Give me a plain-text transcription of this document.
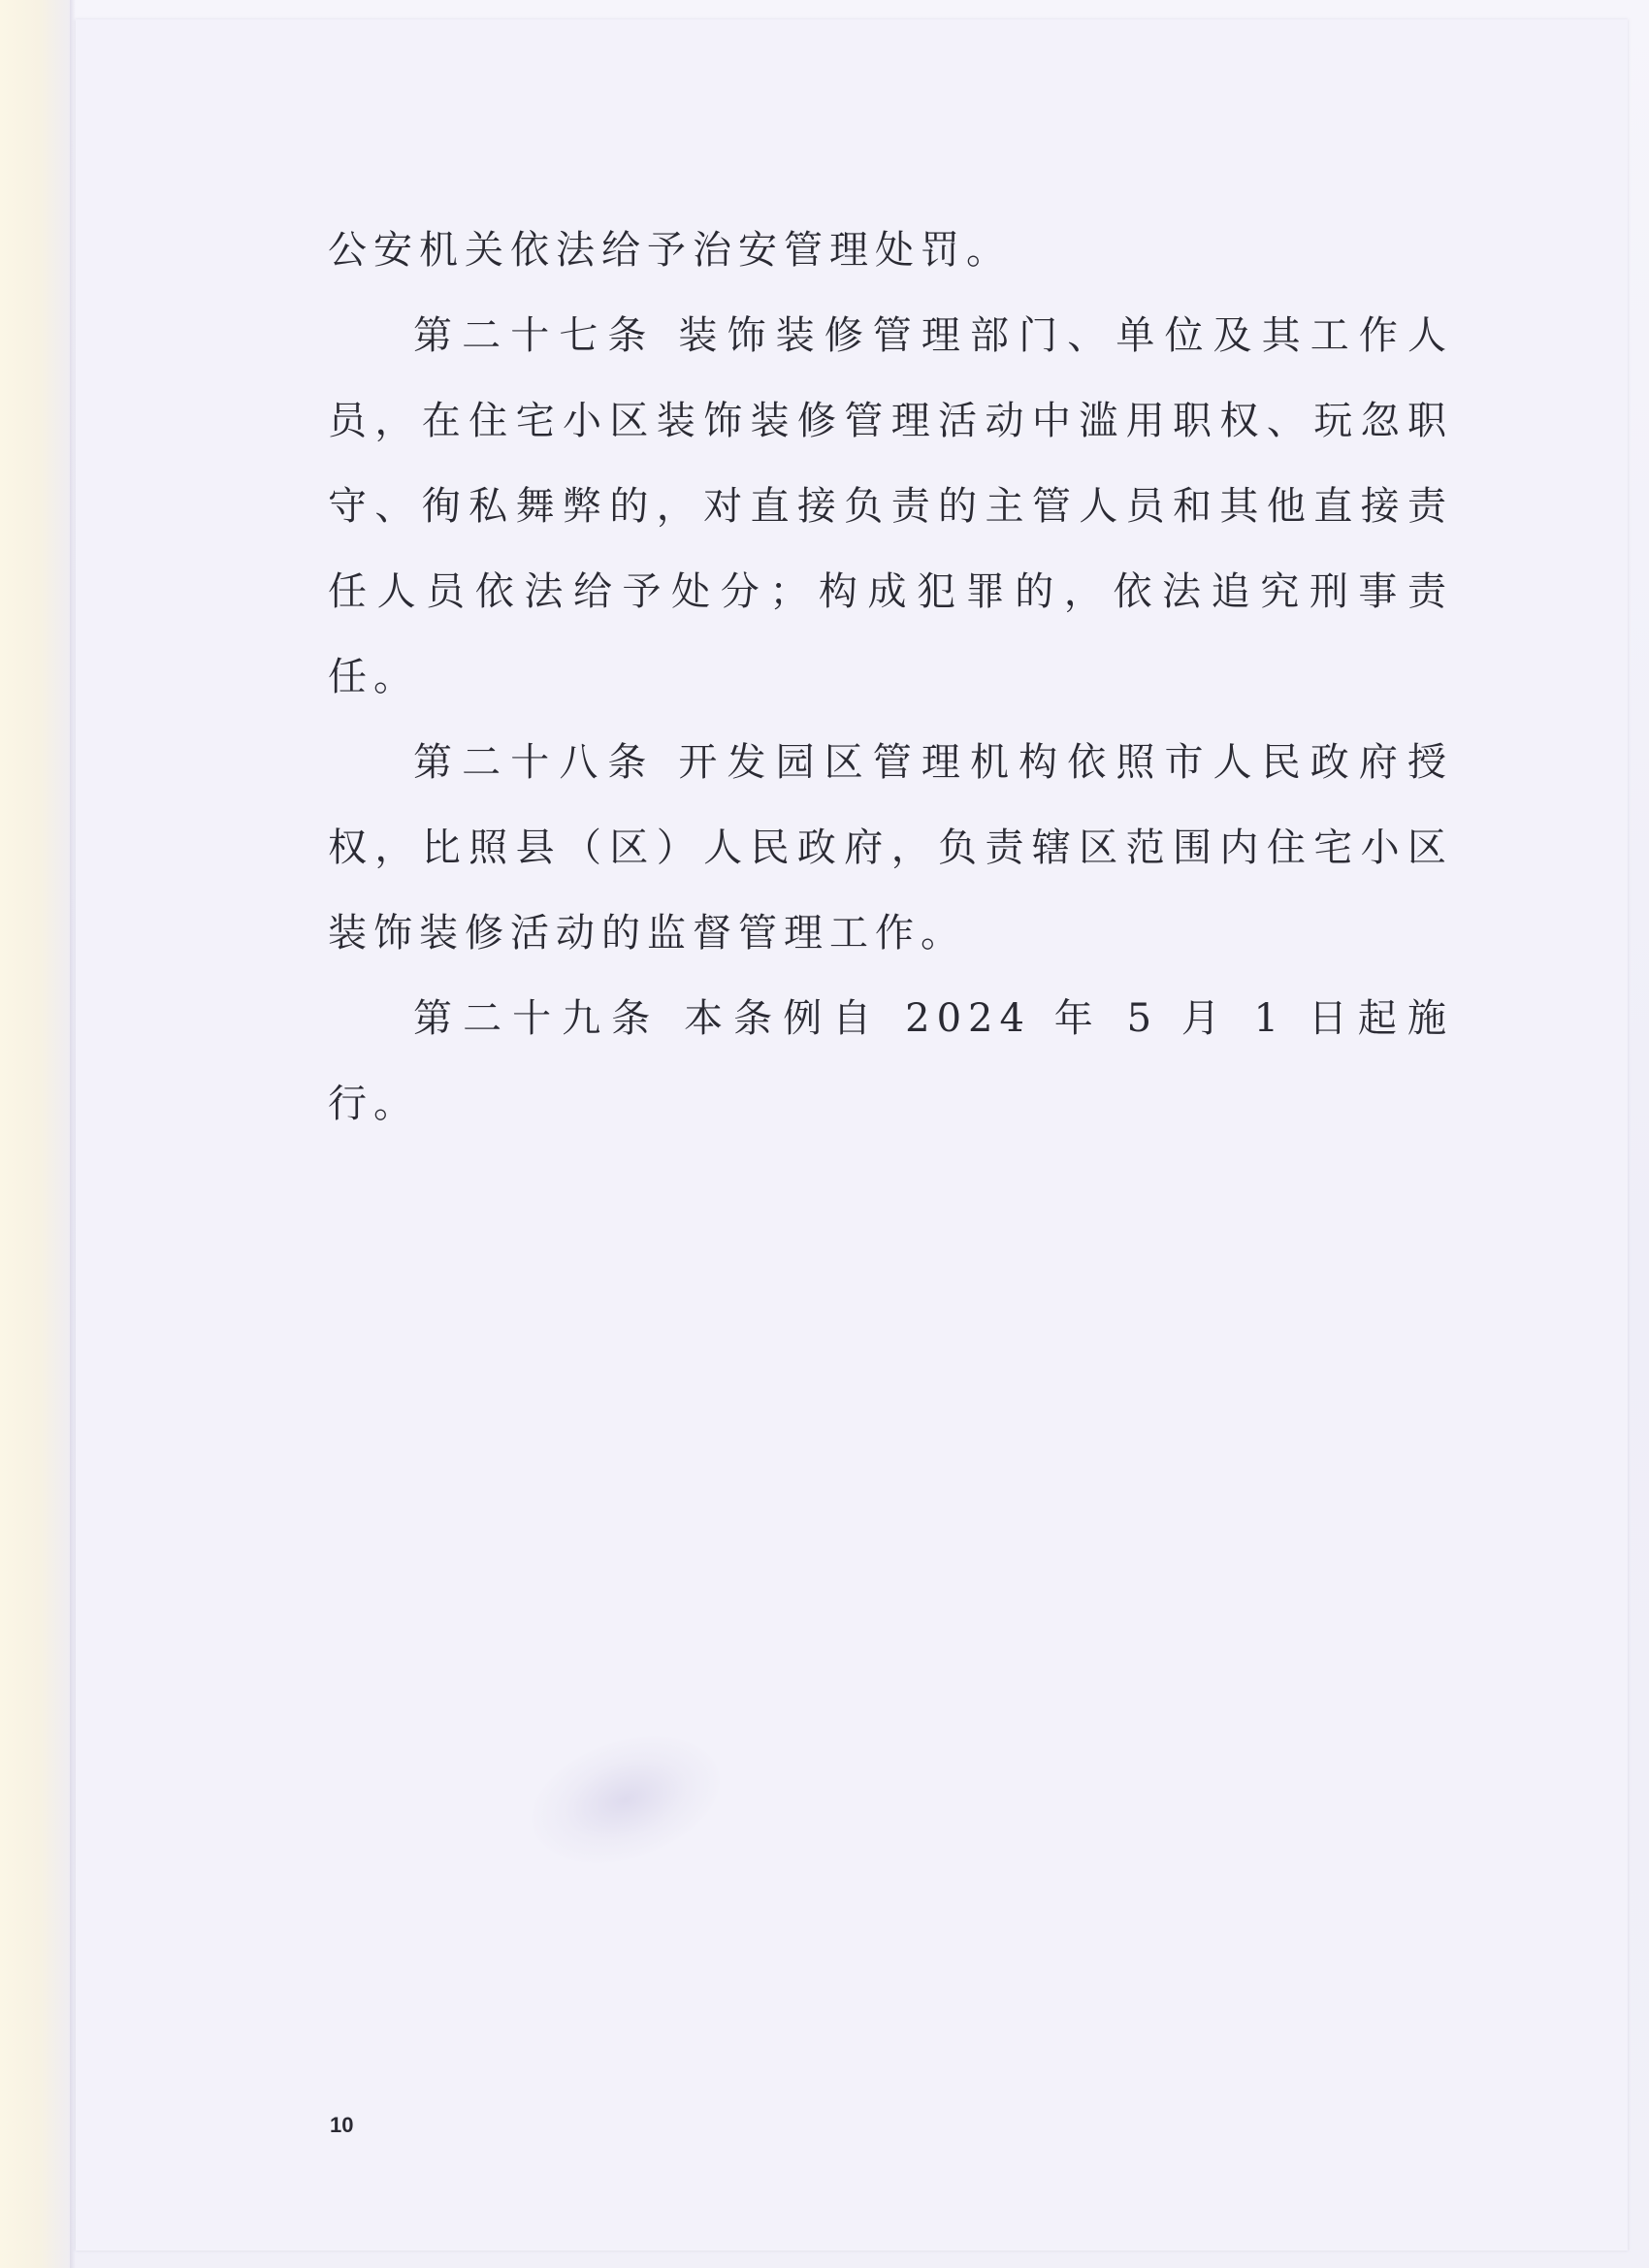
公安机关依法给予治安管理处罚。

第二十七条 装饰装修管理部门、单位及其工作人员，在住宅小区装饰装修管理活动中滥用职权、玩忽职守、徇私舞弊的，对直接负责的主管人员和其他直接责任人员依法给予处分；构成犯罪的，依法追究刑事责任。

第二十八条 开发园区管理机构依照市人民政府授权，比照县（区）人民政府，负责辖区范围内住宅小区装饰装修活动的监督管理工作。

第二十九条 本条例自 2024 年 5 月 1 日起施行。

10
